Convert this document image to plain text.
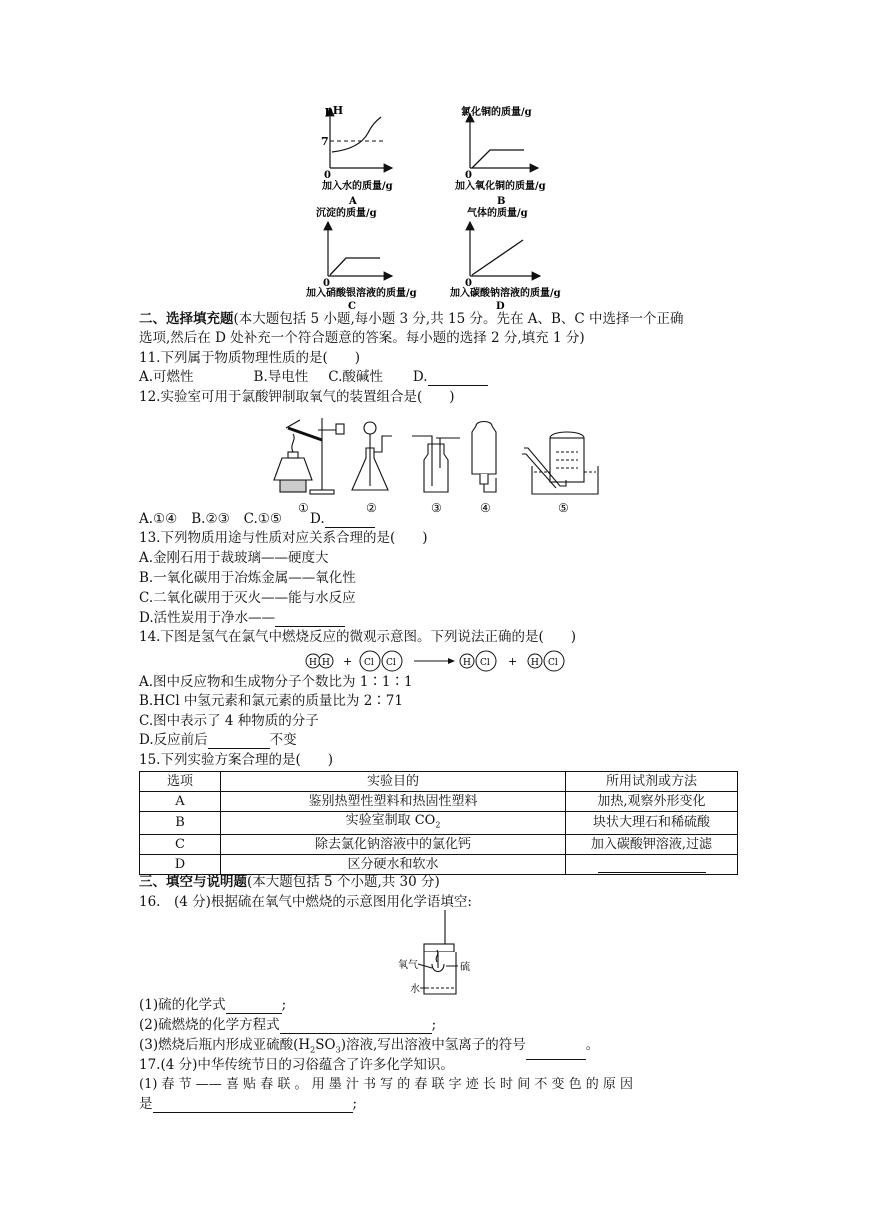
pH
7
0
加入水的质量/g
A
氯化铜的质量/g
0
加入氧化铜的质量/g
B
沉淀的质量/g
0
加入硝酸银溶液的质量/g
C
气体的质量/g
0
加入碳酸钠溶液的质量/g
D
二、选择填充题(本大题包括 5 小题,每小题 3 分,共 15 分。先在 A、B、C 中选择一个正确
选项,然后在 D 处补充一个符合题意的答案。每小题的选择 2 分,填充 1 分)
11.下列属于物质物理性质的是(　　)
A.可燃性	B.导电性 C.酸碱性 D.
12.实验室可用于氯酸钾制取氧气的装置组合是(　　)
①	②	③	④	⑤
A.①④ B.②③ C.①⑤ D.
13.下列物质用途与性质对应关系合理的是(　　)
A.金刚石用于裁玻璃——硬度大
B.一氧化碳用于冶炼金属——氧化性
C.二氧化碳用于灭火——能与水反应
D.活性炭用于净水——
14.下图是氢气在氯气中燃烧反应的微观示意图。下列说法正确的是(　　)
H H + Cl Cl	H Cl + H Cl
A.图中反应物和生成物分子个数比为 1∶1∶1
B.HCl 中氢元素和氯元素的质量比为 2∶71
C.图中表示了 4 种物质的分子
D.反应前后	不变
15.下列实验方案合理的是(　　)
选项	实验目的	所用试剂或方法
A	鉴别热塑性塑料和热固性塑料	加热,观察外形变化
B	实验室制取 $CO_2$	块状大理石和稀硫酸
C	除去氯化钠溶液中的氯化钙	加入碳酸钾溶液,过滤
D	区分硬水和软水	
三、填空与说明题(本大题包括 5 个小题,共 30 分)
16.　(4 分)根据硫在氧气中燃烧的示意图用化学语填空:
氧气	硫
水
(1)硫的化学式	;
(2)硫燃烧的化学方程式	;
(3)燃烧后瓶内形成亚硫酸$(H_2SO_3)$溶液,写出溶液中氢离子的符号	。
17.(4 分)中华传统节日的习俗蕴含了许多化学知识。
(1) 春 节 —— 喜 贴 春 联 。 用 墨 汁 书 写 的 春 联 字 迹 长 时 间 不 变 色 的 原 因
是	;
